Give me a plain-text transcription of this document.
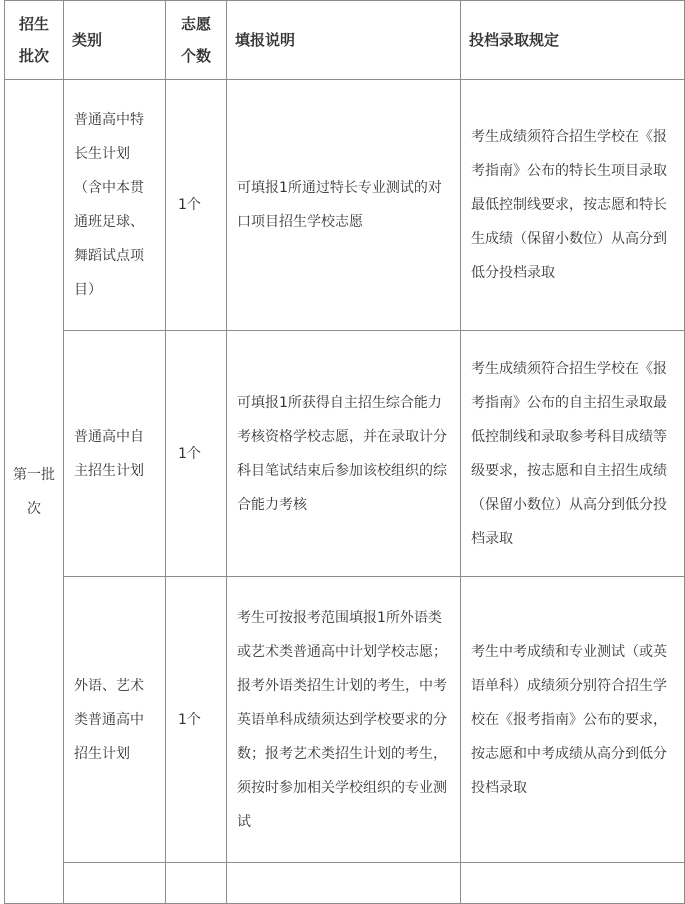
招生批次	类别	志愿个数	填报说明	投档录取规定
第一批次	普通高中特长生计划（含中本贯通班足球、舞蹈试点项目）	1个	可填报1所通过特长专业测试的对口项目招生学校志愿	考生成绩须符合招生学校在《报考指南》公布的特长生项目录取最低控制线要求，按志愿和特长生成绩（保留小数位）从高分到低分投档录取
	普通高中自主招生计划	1个	可填报1所获得自主招生综合能力考核资格学校志愿，并在录取计分科目笔试结束后参加该校组织的综合能力考核	考生成绩须符合招生学校在《报考指南》公布的自主招生录取最低控制线和录取参考科目成绩等级要求，按志愿和自主招生成绩（保留小数位）从高分到低分投档录取
	外语、艺术类普通高中招生计划	1个	考生可按报考范围填报1所外语类或艺术类普通高中计划学校志愿；报考外语类招生计划的考生，中考英语单科成绩须达到学校要求的分数；报考艺术类招生计划的考生，须按时参加相关学校组织的专业测试	考生中考成绩和专业测试（或英语单科）成绩须分别符合招生学校在《报考指南》公布的要求，按志愿和中考成绩从高分到低分投档录取
